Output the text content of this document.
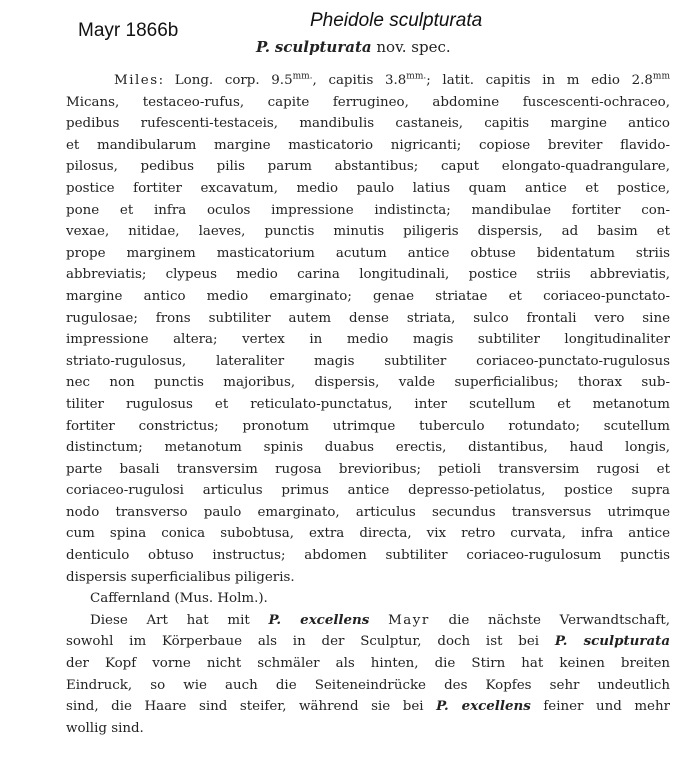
Mayr 1866b	Pheidole sculpturata
P. sculpturata nov. spec.
Miles: Long. corp. $9.5^{mm.}$, capitis $3.8^{mm.}$; latit. capitis in m edio $2.8^{mm}$
Micans, testaceo-rufus, capite ferrugineo, abdomine fuscescenti-ochraceo,
pedibus rufescenti-testaceis, mandibulis castaneis, capitis margine antico
et mandibularum margine masticatorio nigricanti; copiose breviter flavido-
pilosus, pedibus pilis parum abstantibus; caput elongato-quadrangulare,
postice fortiter excavatum, medio paulo latius quam antice et postice,
pone et infra oculos impressione indistincta; mandibulae fortiter con-
vexae, nitidae, laeves, punctis minutis piligeris dispersis, ad basim et
prope marginem masticatorium acutum antice obtuse bidentatum striis
abbreviatis; clypeus medio carina longitudinali, postice striis abbreviatis,
margine antico medio emarginato; genae striatae et coriaceo-punctato-
rugulosae; frons subtiliter autem dense striata, sulco frontali vero sine
impressione altera; vertex in medio magis subtiliter longitudinaliter
striato-rugulosus, lateraliter magis subtiliter coriaceo-punctato-rugulosus
nec non punctis majoribus, dispersis, valde superficialibus; thorax sub-
tiliter rugulosus et reticulato-punctatus, inter scutellum et metanotum
fortiter constrictus; pronotum utrimque tuberculo rotundato; scutellum
distinctum; metanotum spinis duabus erectis, distantibus, haud longis,
parte basali transversim rugosa brevioribus; petioli transversim rugosi et
coriaceo-rugulosi articulus primus antice depresso-petiolatus, postice supra
nodo transverso paulo emarginato, articulus secundus transversus utrimque
cum spina conica subobtusa, extra directa, vix retro curvata, infra antice
denticulo obtuso instructus; abdomen subtiliter coriaceo-rugulosum punctis
dispersis superficialibus piligeris.
Caffernland (Mus. Holm.).
Diese Art hat mit P. excellens Mayr die nächste Verwandtschaft,
sowohl im Körperbaue als in der Sculptur, doch ist bei P. sculpturata
der Kopf vorne nicht schmäler als hinten, die Stirn hat keinen breiten
Eindruck, so wie auch die Seiteneindrücke des Kopfes sehr undeutlich
sind, die Haare sind steifer, während sie bei P. excellens feiner und mehr
wollig sind.
